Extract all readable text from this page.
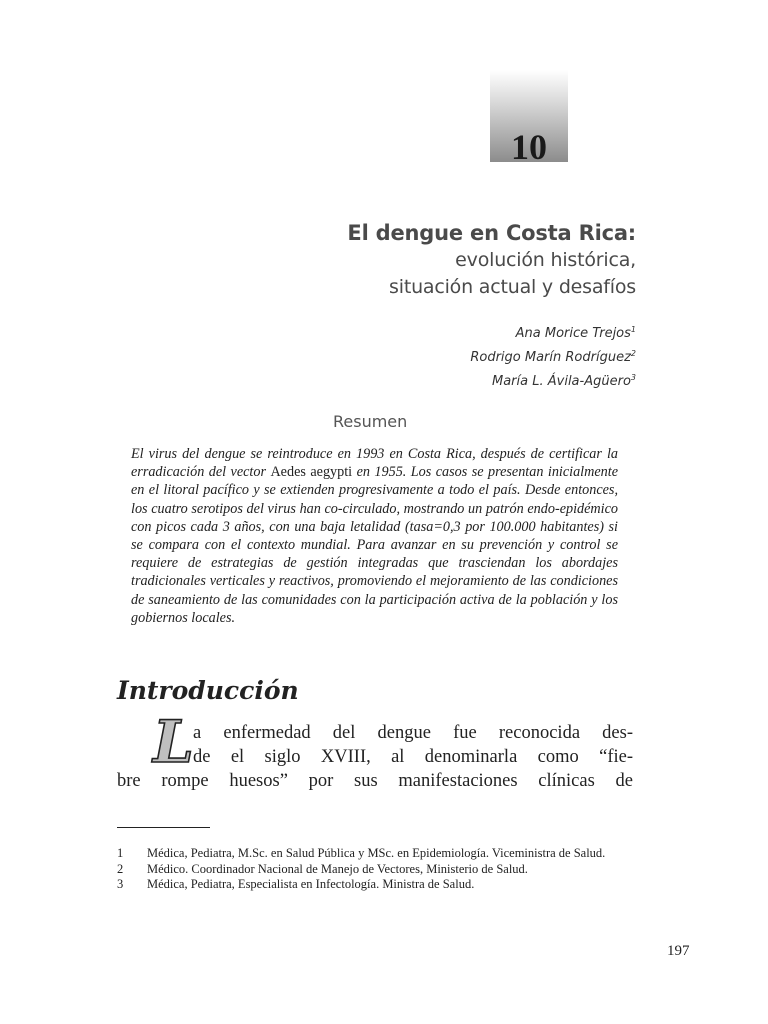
10
El dengue en Costa Rica:
evolución histórica,
situación actual y desafíos
Ana Morice Trejos$^1$
Rodrigo Marín Rodríguez$^2$
María L. Ávila-Agüero$^3$
Resumen
El virus del dengue se reintroduce en 1993 en Costa Rica, después de certificar la erradicación del vector Aedes aegypti en 1955. Los casos se presentan inicialmente en el litoral pacífico y se extienden progresivamente a todo el país. Desde entonces, los cuatro serotipos del virus han co-circulado, mostrando un patrón endo-epidémico con picos cada 3 años, con una baja letalidad (tasa=0,3 por 100.000 habitantes) si se compara con el contexto mundial. Para avanzar en su prevención y control se requiere de estrategias de gestión integradas que trasciendan los abordajes tradicionales verticales y reactivos, promoviendo el mejoramiento de las condiciones de saneamiento de las comunidades con la participación activa de la población y los gobiernos locales.
Introducción
L a enfermedad del dengue fue reconocida des-
de el siglo XVIII, al denominarla como “fie-
bre rompe huesos” por sus manifestaciones clínicas de
1	Médica, Pediatra, M.Sc. en Salud Pública y MSc. en Epidemiología. Viceministra de Salud.
2	Médico. Coordinador Nacional de Manejo de Vectores, Ministerio de Salud.
3	Médica, Pediatra, Especialista en Infectología. Ministra de Salud.
197
